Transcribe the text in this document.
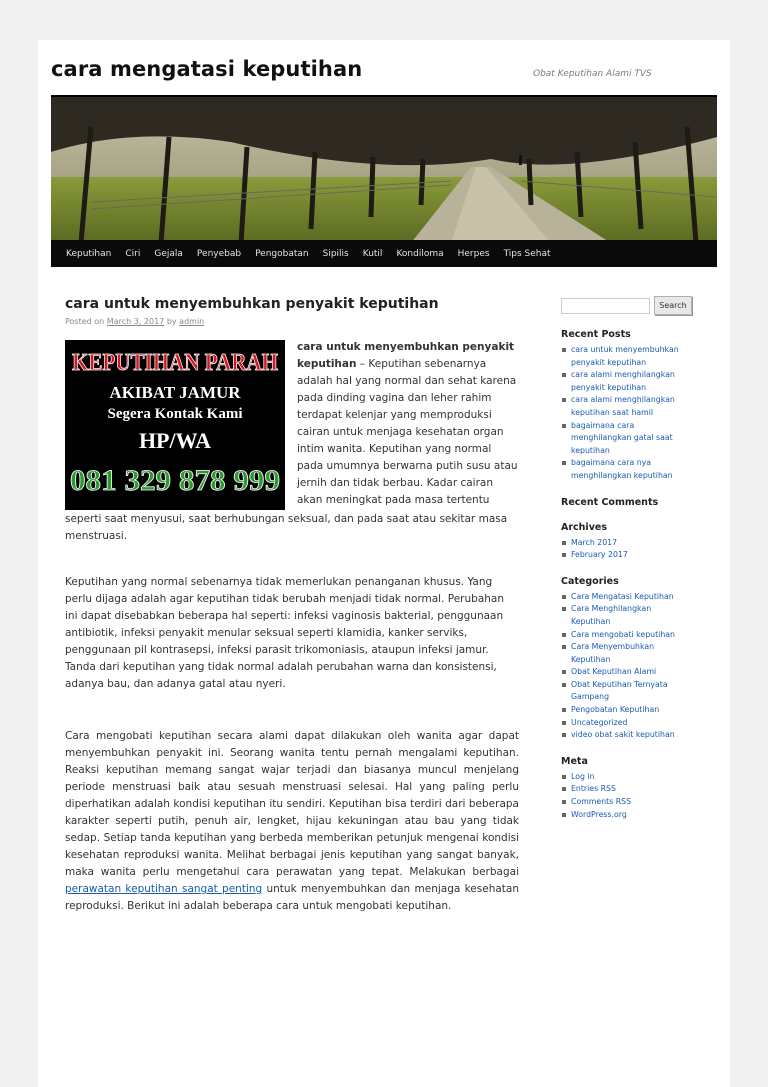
cara mengatasi keputihan	Obat Keputihan Alami TVS
Keputihan Ciri Gejala Penyebab Pengobatan Sipilis Kutil Kondiloma Herpes Tips Sehat
cara untuk menyembuhkan penyakit keputihan
Posted on March 3, 2017 by admin
KEPUTIHAN PARAH
AKIBAT JAMUR
Segera Kontak Kami
HP/WA
081 329 878 999

cara untuk menyembuhkan penyakit keputihan – Keputihan sebenarnya adalah hal yang normal dan sehat karena pada dinding vagina dan leher rahim terdapat kelenjar yang memproduksi cairan untuk menjaga kesehatan organ intim wanita. Keputihan yang normal pada umumnya berwarna putih susu atau jernih dan tidak berbau. Kadar cairan akan meningkat pada masa tertentu

seperti saat menyusui, saat berhubungan seksual, dan pada saat atau sekitar masa menstruasi.

Keputihan yang normal sebenarnya tidak memerlukan penanganan khusus. Yang perlu dijaga adalah agar keputihan tidak berubah menjadi tidak normal. Perubahan ini dapat disebabkan beberapa hal seperti: infeksi vaginosis bakterial, penggunaan antibiotik, infeksi penyakit menular seksual seperti klamidia, kanker serviks, penggunaan pil kontrasepsi, infeksi parasit trikomoniasis, ataupun infeksi jamur. Tanda dari keputihan yang tidak normal adalah perubahan warna dan konsistensi, adanya bau, dan adanya gatal atau nyeri.

Cara mengobati keputihan secara alami dapat dilakukan oleh wanita agar dapat menyembuhkan penyakit ini. Seorang wanita tentu pernah mengalami keputihan. Reaksi keputihan memang sangat wajar terjadi dan biasanya muncul menjelang periode menstruasi baik atau sesuah menstruasi selesai. Hal yang paling perlu diperhatikan adalah kondisi keputihan itu sendiri. Keputihan bisa terdiri dari beberapa karakter seperti putih, penuh air, lengket, hijau kekuningan atau bau yang tidak sedap. Setiap tanda keputihan yang berbeda memberikan petunjuk mengenai kondisi kesehatan reproduksi wanita. Melihat berbagai jenis keputihan yang sangat banyak, maka wanita perlu mengetahui cara perawatan yang tepat. Melakukan berbagai perawatan keputihan sangat penting untuk menyembuhkan dan menjaga kesehatan reproduksi. Berikut ini adalah beberapa cara untuk mengobati keputihan.

Search
Recent Posts
cara untuk menyembuhkan penyakit keputihan
cara alami menghilangkan penyakit keputihan
cara alami menghilangkan keputihan saat hamil
bagaimana cara menghilangkan gatal saat keputihan
bagaimana cara nya menghilangkan keputihan
Recent Comments
Archives
March 2017
February 2017
Categories
Cara Mengatasi Keputihan
Cara Menghilangkan Keputihan
Cara mengobati keputihan
Cara Menyembuhkan Keputihan
Obat Keputihan Alami
Obat Keputihan Ternyata Gampang
Pengobatan Keputihan
Uncategorized
video obat sakit keputihan
Meta
Log in
Entries RSS
Comments RSS
WordPress.org
